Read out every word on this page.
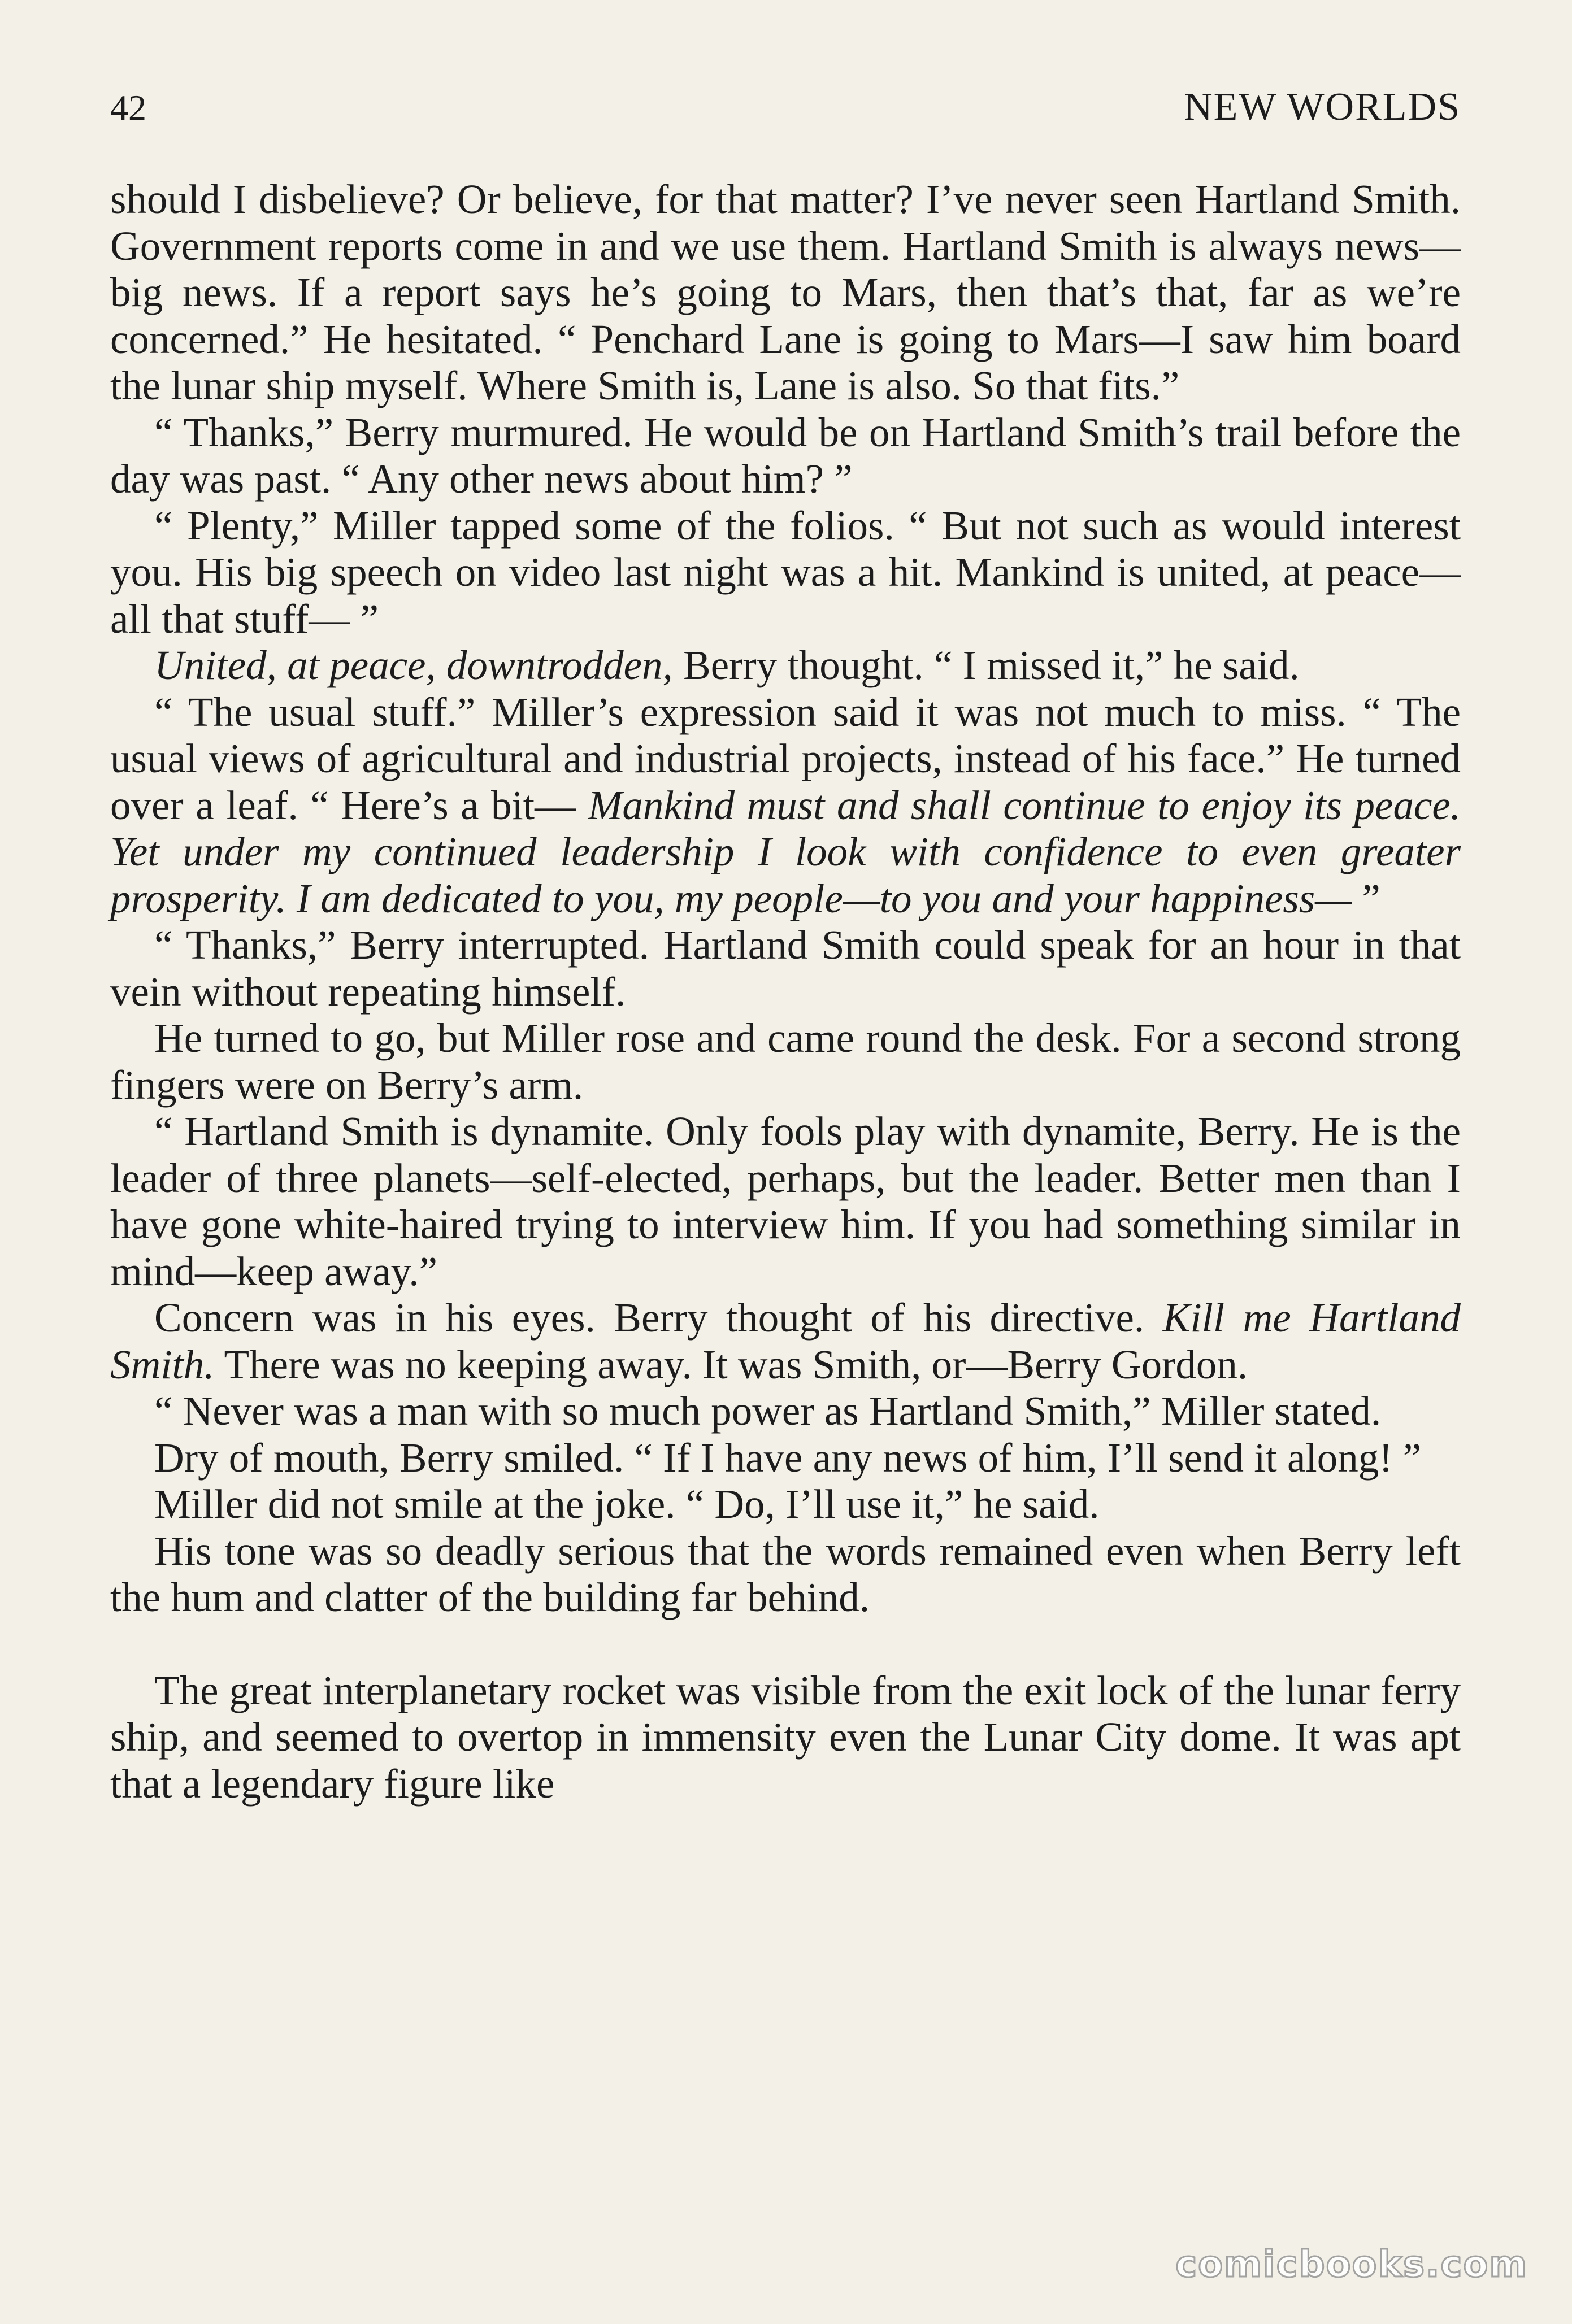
42	NEW WORLDS

should I disbelieve? Or believe, for that matter? I’ve never seen Hartland Smith. Government reports come in and we use them. Hartland Smith is always news—big news. If a report says he’s going to Mars, then that’s that, far as we’re concerned.” He hesitated. “ Penchard Lane is going to Mars—I saw him board the lunar ship myself. Where Smith is, Lane is also. So that fits.”

“ Thanks,” Berry murmured. He would be on Hartland Smith’s trail before the day was past. “ Any other news about him? ”

“ Plenty,” Miller tapped some of the folios. “ But not such as would interest you. His big speech on video last night was a hit. Mankind is united, at peace—all that stuff— ”

United, at peace, downtrodden, Berry thought. “ I missed it,” he said.

“ The usual stuff.” Miller’s expression said it was not much to miss. “ The usual views of agricultural and industrial projects, instead of his face.” He turned over a leaf. “ Here’s a bit— Mankind must and shall continue to enjoy its peace. Yet under my continued leadership I look with confidence to even greater prosperity. I am dedicated to you, my people—to you and your happiness— ”

“ Thanks,” Berry interrupted. Hartland Smith could speak for an hour in that vein without repeating himself.

He turned to go, but Miller rose and came round the desk. For a second strong fingers were on Berry’s arm.

“ Hartland Smith is dynamite. Only fools play with dynamite, Berry. He is the leader of three planets—self-elected, perhaps, but the leader. Better men than I have gone white-haired trying to interview him. If you had something similar in mind—keep away.”

Concern was in his eyes. Berry thought of his directive. Kill me Hartland Smith. There was no keeping away. It was Smith, or—Berry Gordon.

“ Never was a man with so much power as Hartland Smith,” Miller stated.

Dry of mouth, Berry smiled. “ If I have any news of him, I’ll send it along! ”

Miller did not smile at the joke. “ Do, I’ll use it,” he said.

His tone was so deadly serious that the words remained even when Berry left the hum and clatter of the building far behind.

The great interplanetary rocket was visible from the exit lock of the lunar ferry ship, and seemed to overtop in immensity even the Lunar City dome. It was apt that a legendary figure like

comicbooks.com
